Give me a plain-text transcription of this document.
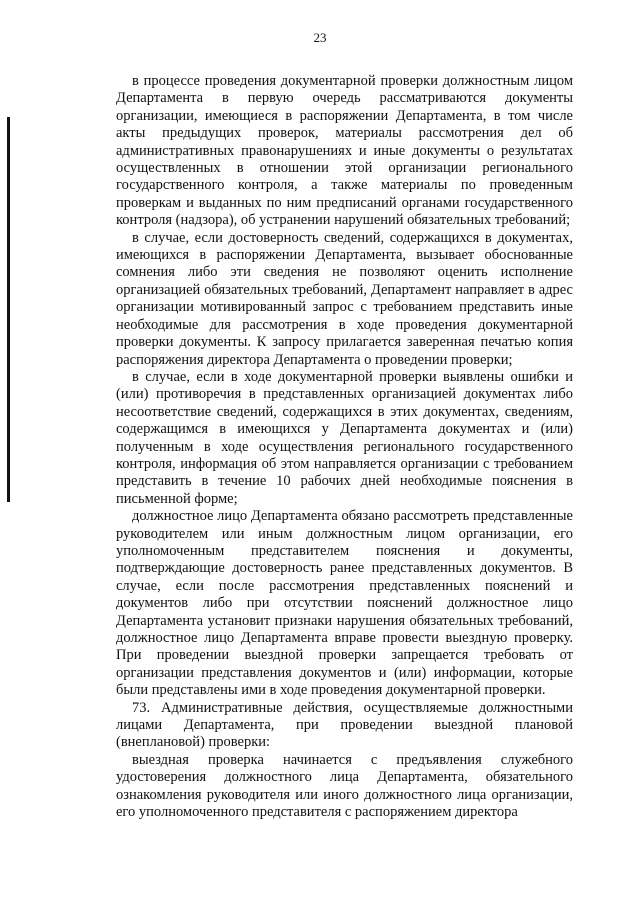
23

в процессе проведения документарной проверки должностным лицом Департамента в первую очередь рассматриваются документы организации, имеющиеся в распоряжении Департамента, в том числе акты предыдущих проверок, материалы рассмотрения дел об административных правонарушениях и иные документы о результатах осуществленных в отношении этой организации регионального государственного контроля, а также материалы по проведенным проверкам и выданных по ним предписаний органами государственного контроля (надзора), об устранении нарушений обязательных требований;

в случае, если достоверность сведений, содержащихся в документах, имеющихся в распоряжении Департамента, вызывает обоснованные сомнения либо эти сведения не позволяют оценить исполнение организацией обязательных требований, Департамент направляет в адрес организации мотивированный запрос с требованием представить иные необходимые для рассмотрения в ходе проведения документарной проверки документы. К запросу прилагается заверенная печатью копия распоряжения директора Департамента о проведении проверки;

в случае, если в ходе документарной проверки выявлены ошибки и (или) противоречия в представленных организацией документах либо несоответствие сведений, содержащихся в этих документах, сведениям, содержащимся в имеющихся у Департамента документах и (или) полученным в ходе осуществления регионального государственного контроля, информация об этом направляется организации с требованием представить в течение 10 рабочих дней необходимые пояснения в письменной форме;

должностное лицо Департамента обязано рассмотреть представленные руководителем или иным должностным лицом организации, его уполномоченным представителем пояснения и документы, подтверждающие достоверность ранее представленных документов. В случае, если после рассмотрения представленных пояснений и документов либо при отсутствии пояснений должностное лицо Департамента установит признаки нарушения обязательных требований, должностное лицо Департамента вправе провести выездную проверку. При проведении выездной проверки запрещается требовать от организации представления документов и (или) информации, которые были представлены ими в ходе проведения документарной проверки.

73. Административные действия, осуществляемые должностными лицами Департамента, при проведении выездной плановой (внеплановой) проверки:

выездная проверка начинается с предъявления служебного удостоверения должностного лица Департамента, обязательного ознакомления руководителя или иного должностного лица организации, его уполномоченного представителя с распоряжением директора
